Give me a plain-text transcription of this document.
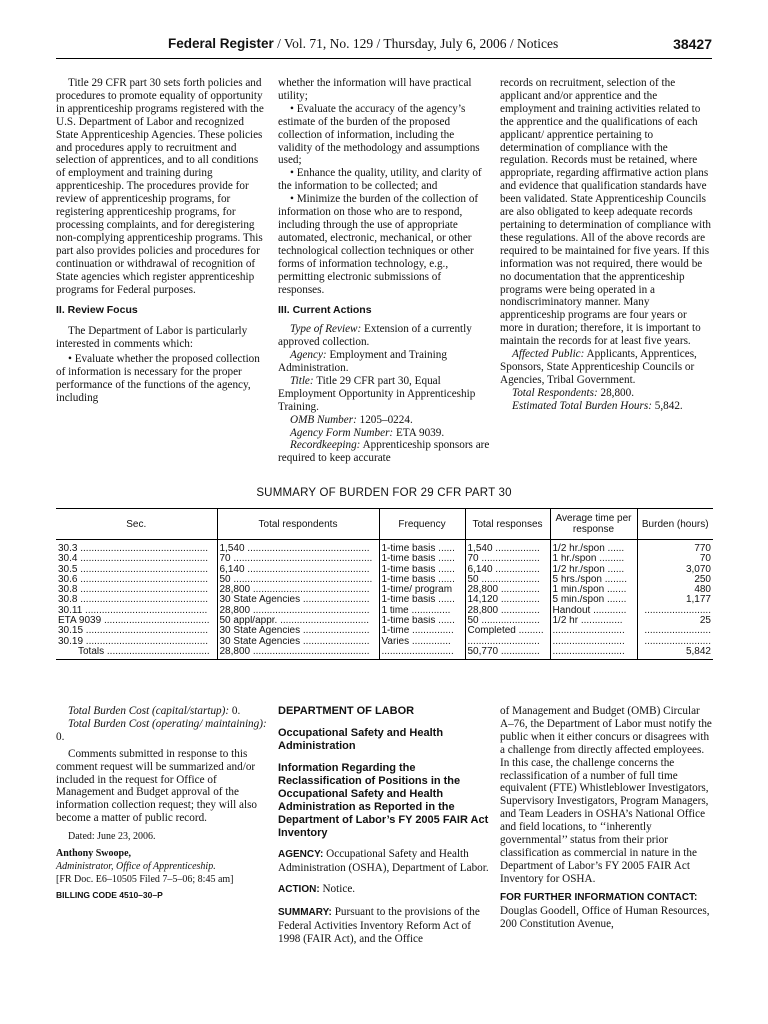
Federal Register / Vol. 71, No. 129 / Thursday, July 6, 2006 / Notices	38427

Title 29 CFR part 30 sets forth policies and procedures to promote equality of opportunity in apprenticeship programs registered with the U.S. Department of Labor and recognized State Apprenticeship Agencies. These policies and procedures apply to recruitment and selection of apprentices, and to all conditions of employment and training during apprenticeship. The procedures provide for review of apprenticeship programs, for registering apprenticeship programs, for processing complaints, and for deregistering non-complying apprenticeship programs. This part also provides policies and procedures for continuation or withdrawal of recognition of State agencies which register apprenticeship programs for Federal purposes.

II. Review Focus

The Department of Labor is particularly interested in comments which:

• Evaluate whether the proposed collection of information is necessary for the proper performance of the functions of the agency, including

whether the information will have practical utility;

• Evaluate the accuracy of the agency’s estimate of the burden of the proposed collection of information, including the validity of the methodology and assumptions used;

• Enhance the quality, utility, and clarity of the information to be collected; and

• Minimize the burden of the collection of information on those who are to respond, including through the use of appropriate automated, electronic, mechanical, or other technological collection techniques or other forms of information technology, e.g., permitting electronic submissions of responses.

III. Current Actions

Type of Review: Extension of a currently approved collection.

Agency: Employment and Training Administration.

Title: Title 29 CFR part 30, Equal Employment Opportunity in Apprenticeship Training.

OMB Number: 1205–0224.

Agency Form Number: ETA 9039.

Recordkeeping: Apprenticeship sponsors are required to keep accurate

records on recruitment, selection of the applicant and/or apprentice and the employment and training activities related to the apprentice and the qualifications of each applicant/ apprentice pertaining to determination of compliance with the regulation. Records must be retained, where appropriate, regarding affirmative action plans and evidence that qualification standards have been validated. State Apprenticeship Councils are also obligated to keep adequate records pertaining to determination of compliance with these regulations. All of the above records are required to be maintained for five years. If this information was not required, there would be no documentation that the apprenticeship programs were being operated in a nondiscriminatory manner. Many apprenticeship programs are four years or more in duration; therefore, it is important to maintain the records for at least five years.

Affected Public: Applicants, Apprentices, Sponsors, State Apprenticeship Councils or Agencies, Tribal Government.

Total Respondents: 28,800.

Estimated Total Burden Hours: 5,842.

SUMMARY OF BURDEN FOR 29 CFR PART 30
Sec.	Total respondents	Frequency	Total responses	Average time per response	Burden (hours)
30.3 ..............................................	1,540 ............................................	1-time basis ......	1,540 ................	1/2 hr./spon ......	770
30.4 ..............................................	70 ..................................................	1-time basis ......	70 .....................	1 hr./spon .........	70
30.5 ..............................................	6,140 ............................................	1-time basis ......	6,140 ................	1/2 hr./spon ......	3,070
30.6 ..............................................	50 ..................................................	1-time basis ......	50 .....................	5 hrs./spon ........	250
30.8 ..............................................	28,800 ..........................................	1-time/ program	28,800 ..............	1 min./spon .......	480
30.8 ..............................................	30 State Agencies ........................	1-time basis ......	14,120 ..............	5 min./spon .......	1,177
30.11 ............................................	28,800 ..........................................	1 time ..............	28,800 ..............	Handout ............	........................
ETA 9039 ......................................	50 appl/appr. ................................	1-time basis ......	50 .....................	1/2 hr ...............	25
30.15 ............................................	30 State Agencies ........................	1-time ...............	Completed .........	..........................	........................
30.19 ............................................	30 State Agencies ........................	Varies ..............	..........................	..........................	........................
Totals .....................................	28,800 ..........................................	..........................	50,770 ..............	..........................	5,842

Total Burden Cost (capital/startup): 0.

Total Burden Cost (operating/ maintaining): 0.

Comments submitted in response to this comment request will be summarized and/or included in the request for Office of Management and Budget approval of the information collection request; they will also become a matter of public record.

Dated: June 23, 2006.

Anthony Swoope,

Administrator, Office of Apprenticeship.

[FR Doc. E6–10505 Filed 7–5–06; 8:45 am]

BILLING CODE 4510–30–P

DEPARTMENT OF LABOR

Occupational Safety and Health Administration

Information Regarding the Reclassification of Positions in the Occupational Safety and Health Administration as Reported in the Department of Labor’s FY 2005 FAIR Act Inventory

AGENCY: Occupational Safety and Health Administration (OSHA), Department of Labor.

ACTION: Notice.

SUMMARY: Pursuant to the provisions of the Federal Activities Inventory Reform Act of 1998 (FAIR Act), and the Office

of Management and Budget (OMB) Circular A–76, the Department of Labor must notify the public when it either concurs or disagrees with a challenge from directly affected employees. In this case, the challenge concerns the reclassification of a number of full time equivalent (FTE) Whistleblower Investigators, Supervisory Investigators, Program Managers, and Team Leaders in OSHA’s National Office and field locations, to ‘‘inherently governmental’’ status from their prior classification as commercial in nature in the Department of Labor’s FY 2005 FAIR Act Inventory for OSHA.

FOR FURTHER INFORMATION CONTACT:

Douglas Goodell, Office of Human Resources, 200 Constitution Avenue,
